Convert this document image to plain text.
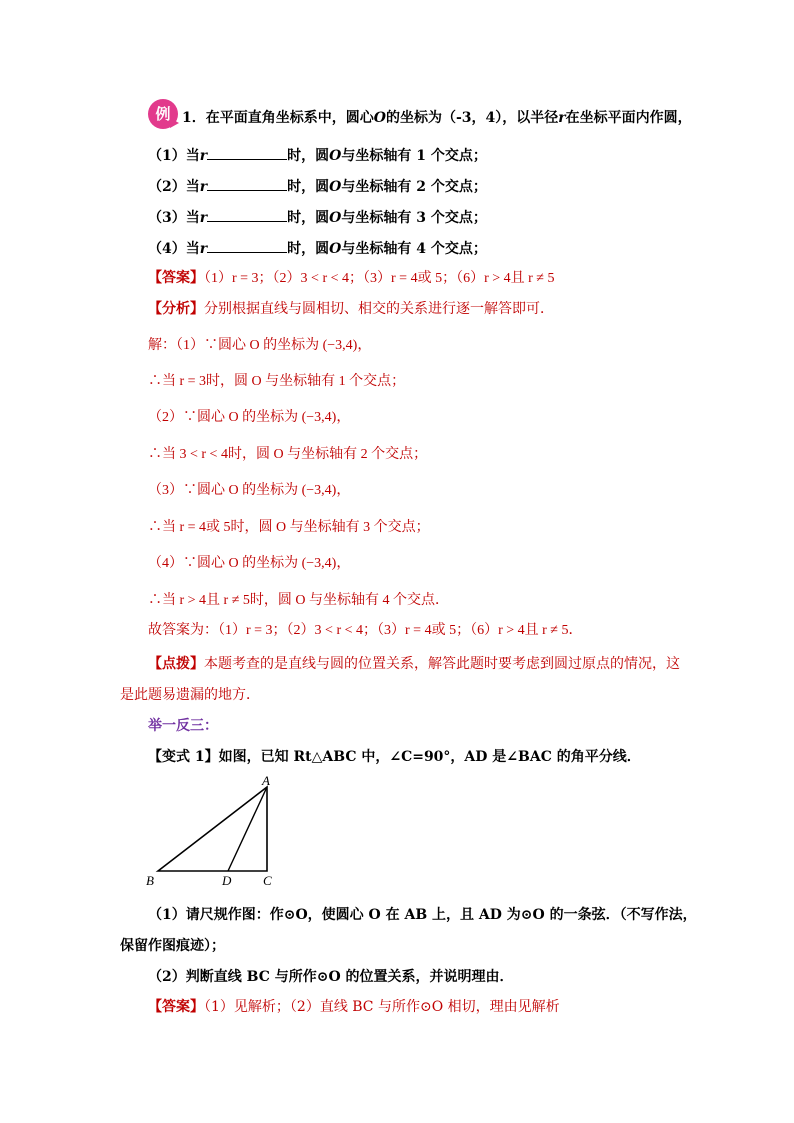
例 1．在平面直角坐标系中，圆心O的坐标为（-3，4），以半径r在坐标平面内作圆，
（1）当r	时，圆O与坐标轴有 1 个交点；
（2）当r	时，圆O与坐标轴有 2 个交点；
（3）当r	时，圆O与坐标轴有 3 个交点；
（4）当r	时，圆O与坐标轴有 4 个交点；
【答案】（1）r = 3；（2）3 < r < 4；（3）r = 4或 5；（6）r > 4且 r ≠ 5
【分析】分别根据直线与圆相切、相交的关系进行逐一解答即可．
解：（1）∵圆心 O 的坐标为 (−3,4)，
∴当 r = 3时，圆 O 与坐标轴有 1 个交点；
（2）∵圆心 O 的坐标为 (−3,4)，
∴当 3 < r < 4时，圆 O 与坐标轴有 2 个交点；
（3）∵圆心 O 的坐标为 (−3,4)，
∴当 r = 4或 5时，圆 O 与坐标轴有 3 个交点；
（4）∵圆心 O 的坐标为 (−3,4)，
∴当 r > 4且 r ≠ 5时，圆 O 与坐标轴有 4 个交点．
故答案为：（1）r = 3；（2）3 < r < 4；（3）r = 4或 5；（6）r > 4且 r ≠ 5．
【点拨】本题考查的是直线与圆的位置关系，解答此题时要考虑到圆过原点的情况，这
是此题易遗漏的地方．
举一反三：
【变式 1】如图，已知 Rt△ABC 中，∠C=90°，AD 是∠BAC 的角平分线．
A
B	D C
（1）请尺规作图：作⊙O，使圆心 O 在 AB 上，且 AD 为⊙O 的一条弦．（不写作法，
保留作图痕迹）；
（2）判断直线 BC 与所作⊙O 的位置关系，并说明理由．
【答案】（1）见解析；（2）直线 BC 与所作⊙O 相切，理由见解析
